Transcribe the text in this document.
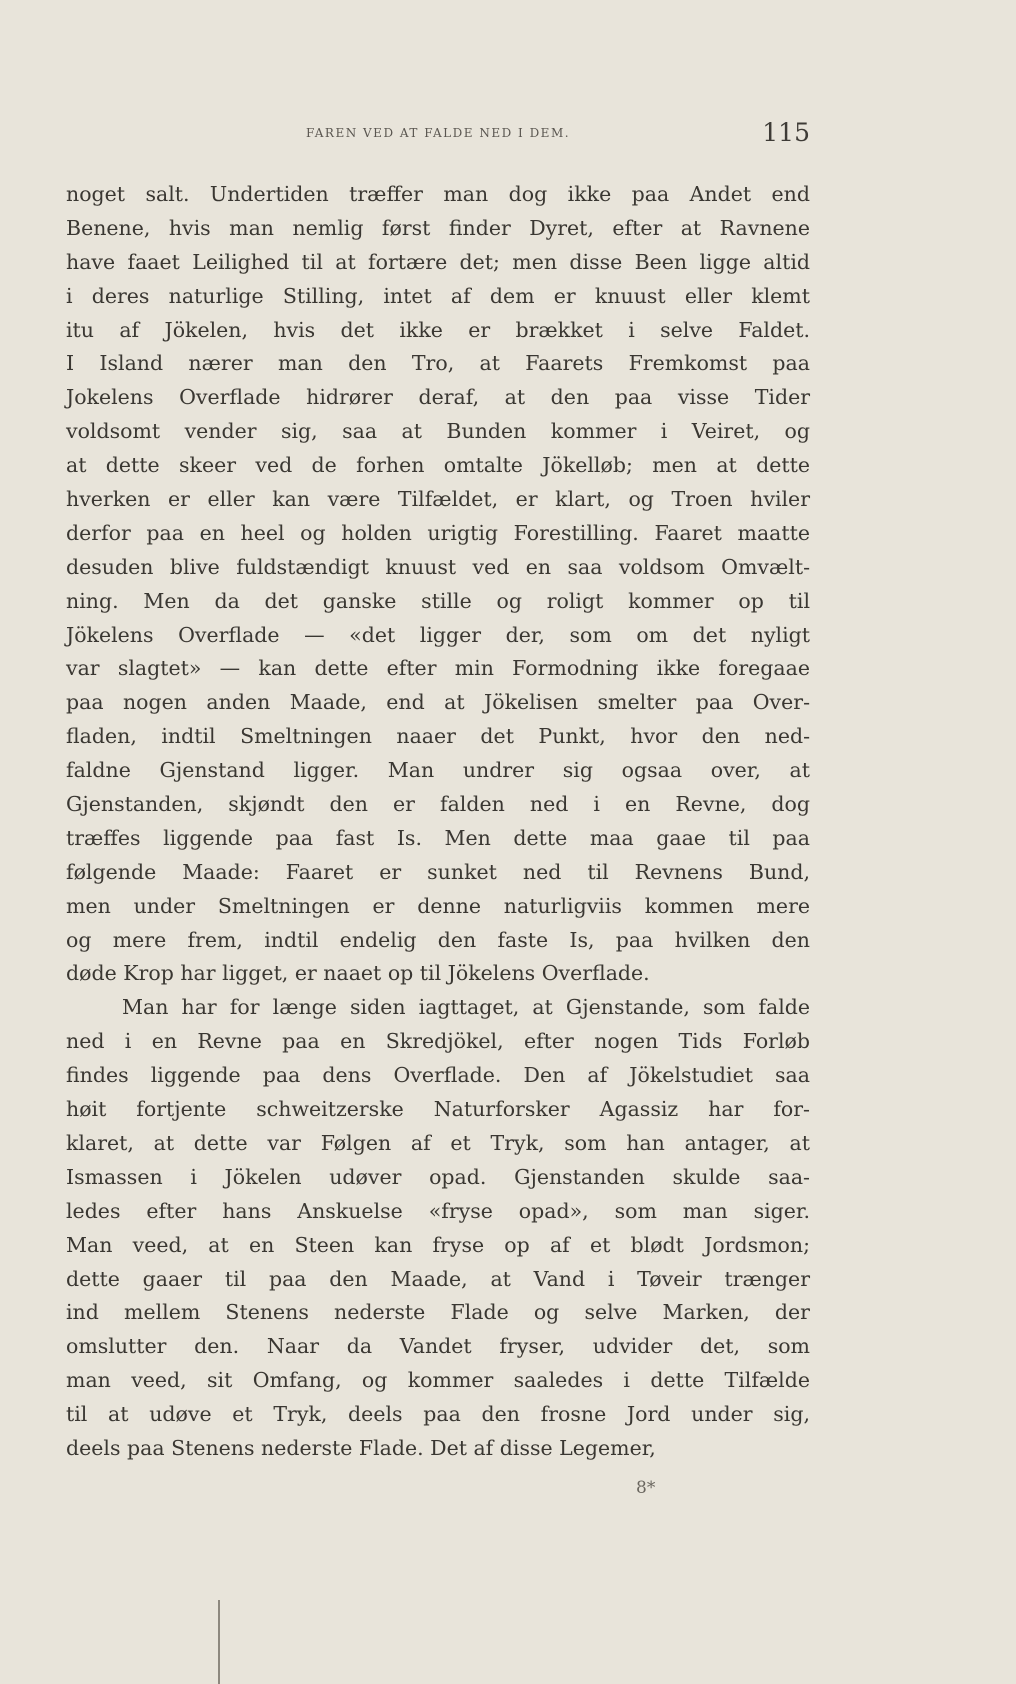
FAREN VED AT FALDE NED I DEM.	115
noget salt. Undertiden træffer man dog ikke paa Andet end
Benene, hvis man nemlig først finder Dyret, efter at Ravnene
have faaet Leilighed til at fortære det; men disse Been ligge altid
i deres naturlige Stilling, intet af dem er knuust eller klemt
itu af Jökelen, hvis det ikke er brækket i selve Faldet.
I Island nærer man den Tro, at Faarets Fremkomst paa
Jokelens Overflade hidrører deraf, at den paa visse Tider
voldsomt vender sig, saa at Bunden kommer i Veiret, og
at dette skeer ved de forhen omtalte Jökelløb; men at dette
hverken er eller kan være Tilfældet, er klart, og Troen hviler
derfor paa en heel og holden urigtig Forestilling. Faaret maatte
desuden blive fuldstændigt knuust ved en saa voldsom Omvælt-
ning. Men da det ganske stille og roligt kommer op til
Jökelens Overflade — «det ligger der, som om det nyligt
var slagtet» — kan dette efter min Formodning ikke foregaae
paa nogen anden Maade, end at Jökelisen smelter paa Over-
fladen, indtil Smeltningen naaer det Punkt, hvor den ned-
faldne Gjenstand ligger. Man undrer sig ogsaa over, at
Gjenstanden, skjøndt den er falden ned i en Revne, dog
træffes liggende paa fast Is. Men dette maa gaae til paa
følgende Maade: Faaret er sunket ned til Revnens Bund,
men under Smeltningen er denne naturligviis kommen mere
og mere frem, indtil endelig den faste Is, paa hvilken den
døde Krop har ligget, er naaet op til Jökelens Overflade.
Man har for længe siden iagttaget, at Gjenstande, som falde
ned i en Revne paa en Skredjökel, efter nogen Tids Forløb
findes liggende paa dens Overflade. Den af Jökelstudiet saa
høit fortjente schweitzerske Naturforsker Agassiz har for-
klaret, at dette var Følgen af et Tryk, som han antager, at
Ismassen i Jökelen udøver opad. Gjenstanden skulde saa-
ledes efter hans Anskuelse «fryse opad», som man siger.
Man veed, at en Steen kan fryse op af et blødt Jordsmon;
dette gaaer til paa den Maade, at Vand i Tøveir trænger
ind mellem Stenens nederste Flade og selve Marken, der
omslutter den. Naar da Vandet fryser, udvider det, som
man veed, sit Omfang, og kommer saaledes i dette Tilfælde
til at udøve et Tryk, deels paa den frosne Jord under sig,
deels paa Stenens nederste Flade. Det af disse Legemer,
8*
